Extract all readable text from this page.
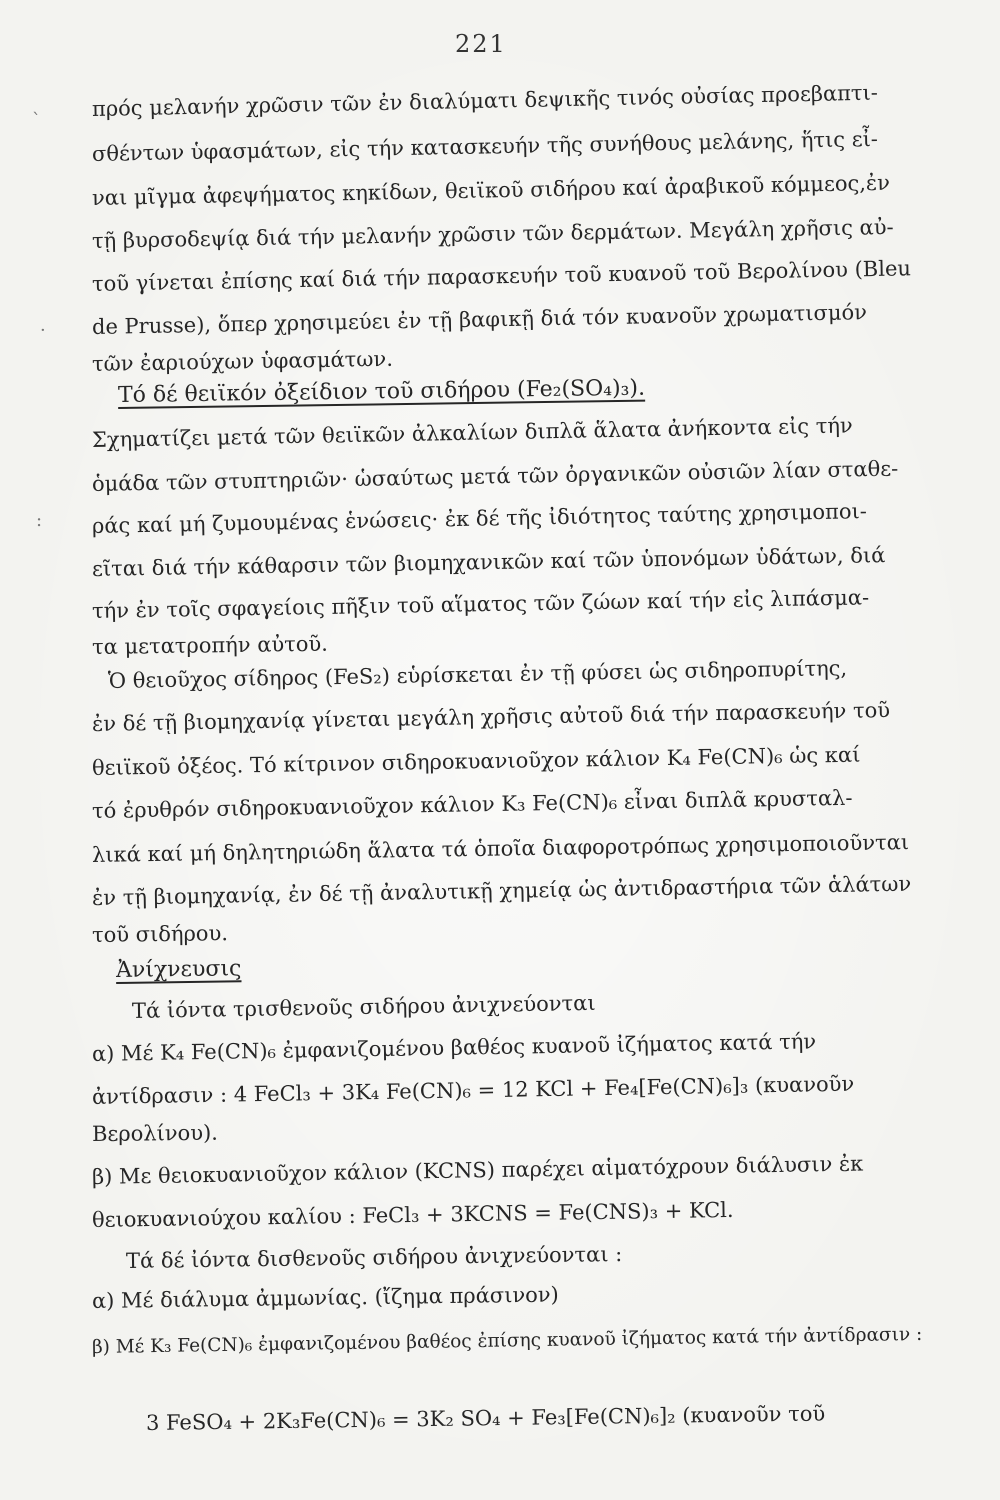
221
`
·
:
πρός μελανήν χρῶσιν τῶν ἐν διαλύματι δεψικῆς τινός οὐσίας προεβαπτι-
σθέντων ὑφασμάτων, εἰς τήν κατασκευήν τῆς συνήθους μελάνης, ἥτις εἶ-
ναι μῖγμα ἀφεψήματος κηκίδων, θειϊκοῦ σιδήρου καί ἀραβικοῦ κόμμεος,ἐν
τῇ βυρσοδεψίᾳ διά τήν μελανήν χρῶσιν τῶν δερμάτων. Μεγάλη χρῆσις αὐ-
τοῦ γίνεται ἐπίσης καί διά τήν παρασκευήν τοῦ κυανοῦ τοῦ Βερολίνου (Bleu
de Prusse), ὅπερ χρησιμεύει ἐν τῇ βαφικῇ διά τόν κυανοῦν χρωματισμόν
τῶν ἐαριούχων ὑφασμάτων.
Τό δέ θειϊκόν ὀξείδιον τοῦ σιδήρου (Fe₂(SO₄)₃).
Σχηματίζει μετά τῶν θειϊκῶν ἀλκαλίων διπλᾶ ἅλατα ἀνήκοντα εἰς τήν
ὁμάδα τῶν στυπτηριῶν· ὡσαύτως μετά τῶν ὀργανικῶν οὐσιῶν λίαν σταθε-
ράς καί μή ζυμουμένας ἑνώσεις· ἐκ δέ τῆς ἰδιότητος ταύτης χρησιμοποι-
εῖται διά τήν κάθαρσιν τῶν βιομηχανικῶν καί τῶν ὑπονόμων ὑδάτων, διά
τήν ἐν τοῖς σφαγείοις πῆξιν τοῦ αἵματος τῶν ζώων καί τήν εἰς λιπάσμα-
τα μετατροπήν αὐτοῦ.
Ὁ θειοῦχος σίδηρος (FeS₂) εὑρίσκεται ἐν τῇ φύσει ὡς σιδηροπυρίτης,
ἐν δέ τῇ βιομηχανίᾳ γίνεται μεγάλη χρῆσις αὐτοῦ διά τήν παρασκευήν τοῦ
θειϊκοῦ ὀξέος. Τό κίτρινον σιδηροκυανιοῦχον κάλιον K₄ Fe(CN)₆ ὡς καί
τό ἐρυθρόν σιδηροκυανιοῦχον κάλιον K₃ Fe(CN)₆ εἶναι διπλᾶ κρυσταλ-
λικά καί μή δηλητηριώδη ἅλατα τά ὁποῖα διαφοροτρόπως χρησιμοποιοῦνται
ἐν τῇ βιομηχανίᾳ, ἐν δέ τῇ ἀναλυτικῇ χημείᾳ ὡς ἀντιδραστήρια τῶν ἁλάτων
τοῦ σιδήρου.
Ἀνίχνευσις
Τά ἰόντα τρισθενοῦς σιδήρου ἀνιχνεύονται
α) Μέ K₄ Fe(CN)₆ ἐμφανιζομένου βαθέος κυανοῦ ἰζήματος κατά τήν
ἀντίδρασιν : 4 FeCl₃ + 3K₄ Fe(CN)₆ = 12 KCl + Fe₄[Fe(CN)₆]₃ (κυανοῦν
Βερολίνου).
β) Με θειοκυανιοῦχον κάλιον (KCNS) παρέχει αἱματόχρουν διάλυσιν ἐκ
θειοκυανιούχου καλίου : FeCl₃ + 3KCNS = Fe(CNS)₃ + KCl.
Τά δέ ἰόντα δισθενοῦς σιδήρου ἀνιχνεύονται :
α) Μέ διάλυμα ἀμμωνίας. (ἴζημα πράσινον)
β) Μέ K₃ Fe(CN)₆ ἐμφανιζομένου βαθέος ἐπίσης κυανοῦ ἰζήματος κατά τήν ἀντίδρασιν :
3 FeSO₄ + 2K₃Fe(CN)₆ = 3K₂ SO₄ + Fe₃[Fe(CN)₆]₂ (κυανοῦν τοῦ
